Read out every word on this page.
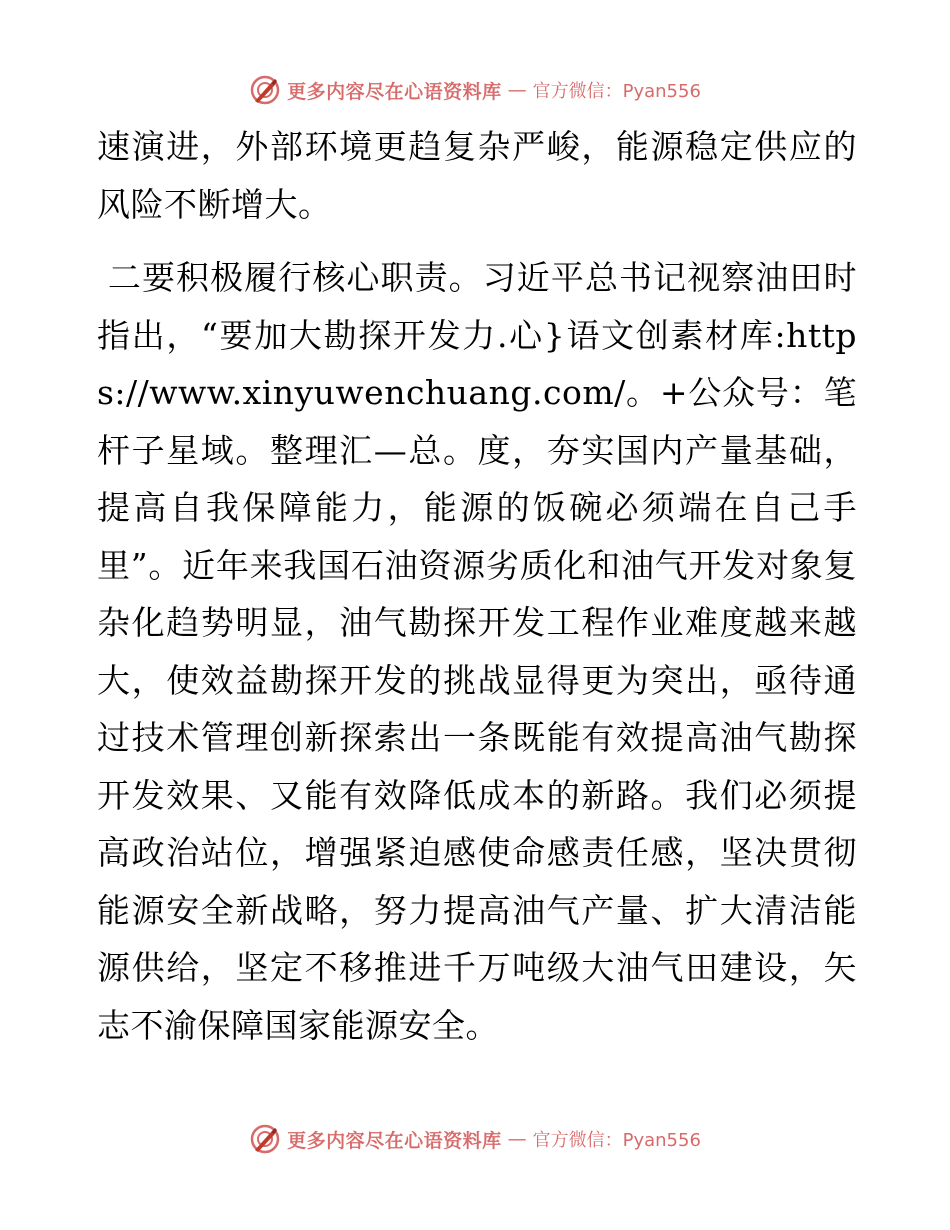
更多内容尽在心语资料库 — 官方微信：Pyan556

速演进，外部环境更趋复杂严峻，能源稳定供应的风险不断增大。

二要积极履行核心职责。习近平总书记视察油田时指出，“要加大勘探开发力.心}语文创素材库:https://www.xinyuwenchuang.com/。+公众号：笔杆子星域。整理汇—总。度，夯实国内产量基础，提高自我保障能力，能源的饭碗必须端在自己手里”。近年来我国石油资源劣质化和油气开发对象复杂化趋势明显，油气勘探开发工程作业难度越来越大，使效益勘探开发的挑战显得更为突出，亟待通过技术管理创新探索出一条既能有效提高油气勘探开发效果、又能有效降低成本的新路。我们必须提高政治站位，增强紧迫感使命感责任感，坚决贯彻能源安全新战略，努力提高油气产量、扩大清洁能源供给，坚定不移推进千万吨级大油气田建设，矢志不渝保障国家能源安全。

更多内容尽在心语资料库 — 官方微信：Pyan556
